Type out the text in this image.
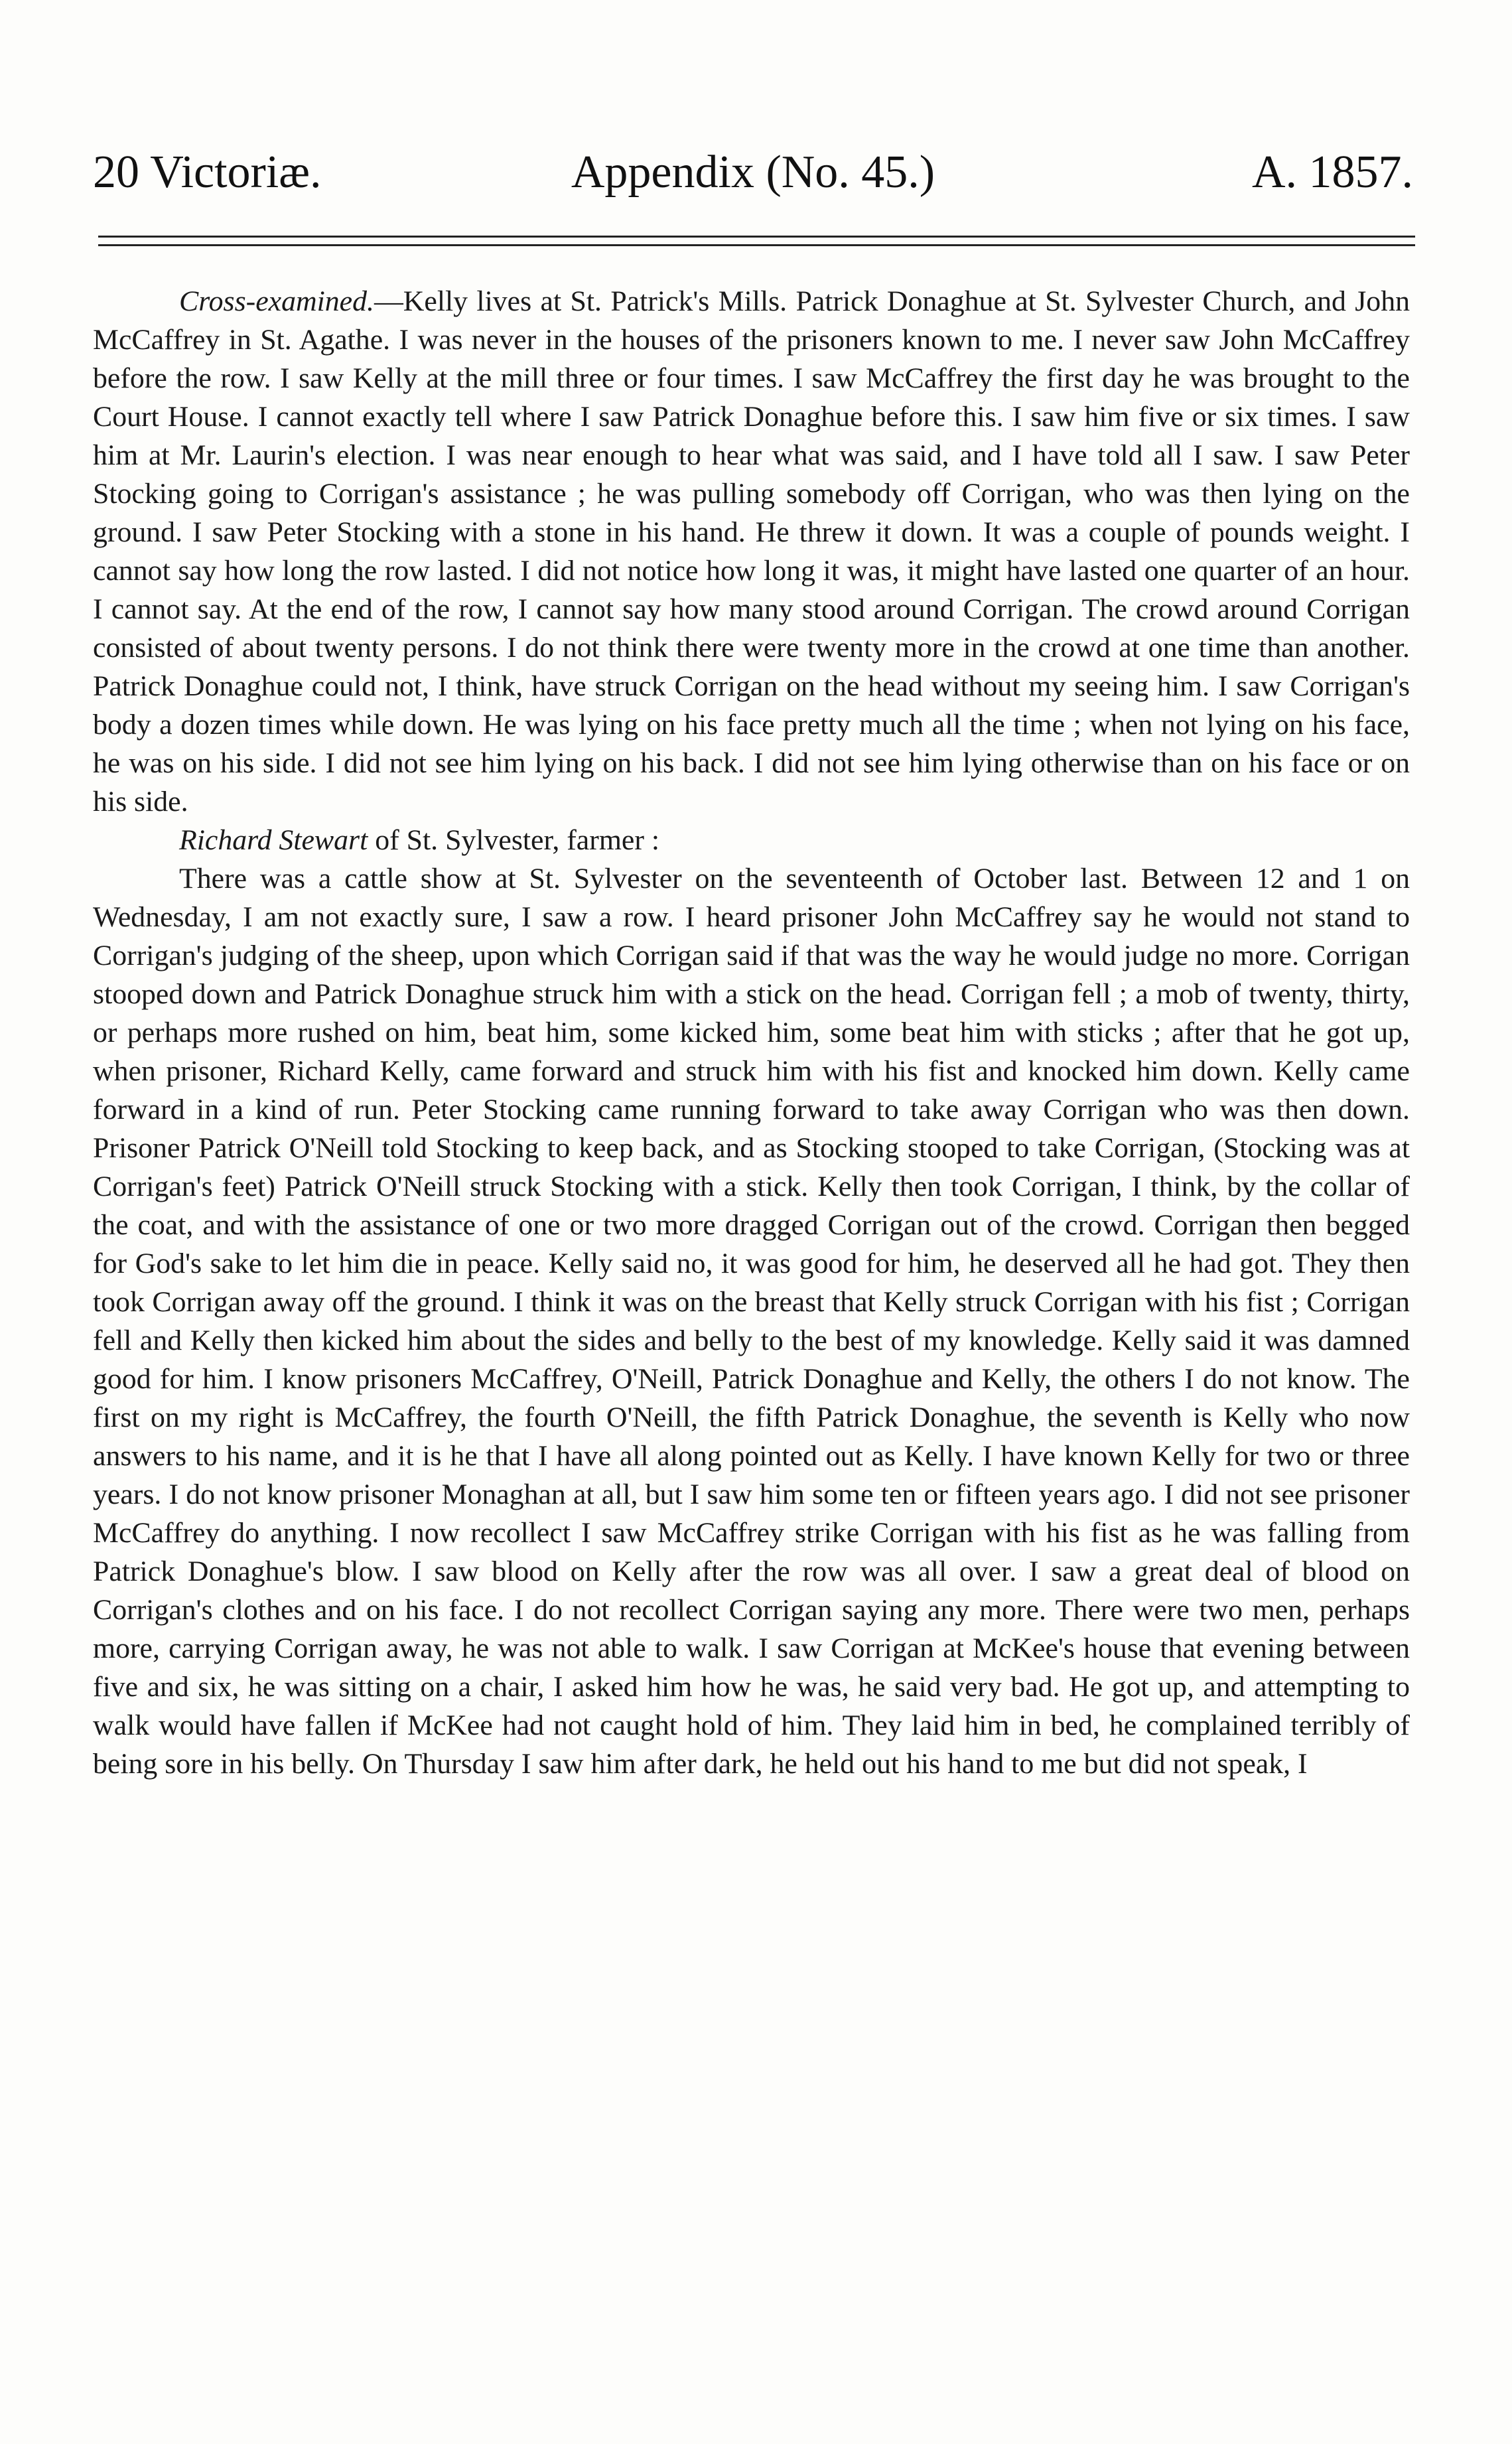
20 Victoriæ.	Appendix (No. 45.)	A. 1857.

Cross-examined.—Kelly lives at St. Patrick's Mills. Patrick Donaghue at St. Sylvester Church, and John McCaffrey in St. Agathe. I was never in the houses of the prisoners known to me. I never saw John McCaffrey before the row. I saw Kelly at the mill three or four times. I saw McCaffrey the first day he was brought to the Court House. I cannot exactly tell where I saw Patrick Donaghue before this. I saw him five or six times. I saw him at Mr. Laurin's election. I was near enough to hear what was said, and I have told all I saw. I saw Peter Stocking going to Corrigan's assistance ; he was pulling somebody off Corrigan, who was then lying on the ground. I saw Peter Stocking with a stone in his hand. He threw it down. It was a couple of pounds weight. I cannot say how long the row lasted. I did not notice how long it was, it might have lasted one quarter of an hour. I cannot say. At the end of the row, I cannot say how many stood around Corrigan. The crowd around Corrigan consisted of about twenty persons. I do not think there were twenty more in the crowd at one time than another. Patrick Donaghue could not, I think, have struck Corrigan on the head without my seeing him. I saw Corrigan's body a dozen times while down. He was lying on his face pretty much all the time ; when not lying on his face, he was on his side. I did not see him lying on his back. I did not see him lying otherwise than on his face or on his side.

Richard Stewart of St. Sylvester, farmer :

There was a cattle show at St. Sylvester on the seventeenth of October last. Between 12 and 1 on Wednesday, I am not exactly sure, I saw a row. I heard prisoner John McCaffrey say he would not stand to Corrigan's judging of the sheep, upon which Corrigan said if that was the way he would judge no more. Corrigan stooped down and Patrick Donaghue struck him with a stick on the head. Corrigan fell ; a mob of twenty, thirty, or perhaps more rushed on him, beat him, some kicked him, some beat him with sticks ; after that he got up, when prisoner, Richard Kelly, came forward and struck him with his fist and knocked him down. Kelly came forward in a kind of run. Peter Stocking came running forward to take away Corrigan who was then down. Prisoner Patrick O'Neill told Stocking to keep back, and as Stocking stooped to take Corrigan, (Stocking was at Corrigan's feet) Patrick O'Neill struck Stocking with a stick. Kelly then took Corrigan, I think, by the collar of the coat, and with the assistance of one or two more dragged Corrigan out of the crowd. Corrigan then begged for God's sake to let him die in peace. Kelly said no, it was good for him, he deserved all he had got. They then took Corrigan away off the ground. I think it was on the breast that Kelly struck Corrigan with his fist ; Corrigan fell and Kelly then kicked him about the sides and belly to the best of my knowledge. Kelly said it was damned good for him. I know prisoners McCaffrey, O'Neill, Patrick Donaghue and Kelly, the others I do not know. The first on my right is McCaffrey, the fourth O'Neill, the fifth Patrick Donaghue, the seventh is Kelly who now answers to his name, and it is he that I have all along pointed out as Kelly. I have known Kelly for two or three years. I do not know prisoner Monaghan at all, but I saw him some ten or fifteen years ago. I did not see prisoner McCaffrey do anything. I now recollect I saw McCaffrey strike Corrigan with his fist as he was falling from Patrick Donaghue's blow. I saw blood on Kelly after the row was all over. I saw a great deal of blood on Corrigan's clothes and on his face. I do not recollect Corrigan saying any more. There were two men, perhaps more, carrying Corrigan away, he was not able to walk. I saw Corrigan at McKee's house that evening between five and six, he was sitting on a chair, I asked him how he was, he said very bad. He got up, and attempting to walk would have fallen if McKee had not caught hold of him. They laid him in bed, he complained terribly of being sore in his belly. On Thursday I saw him after dark, he held out his hand to me but did not speak, I
